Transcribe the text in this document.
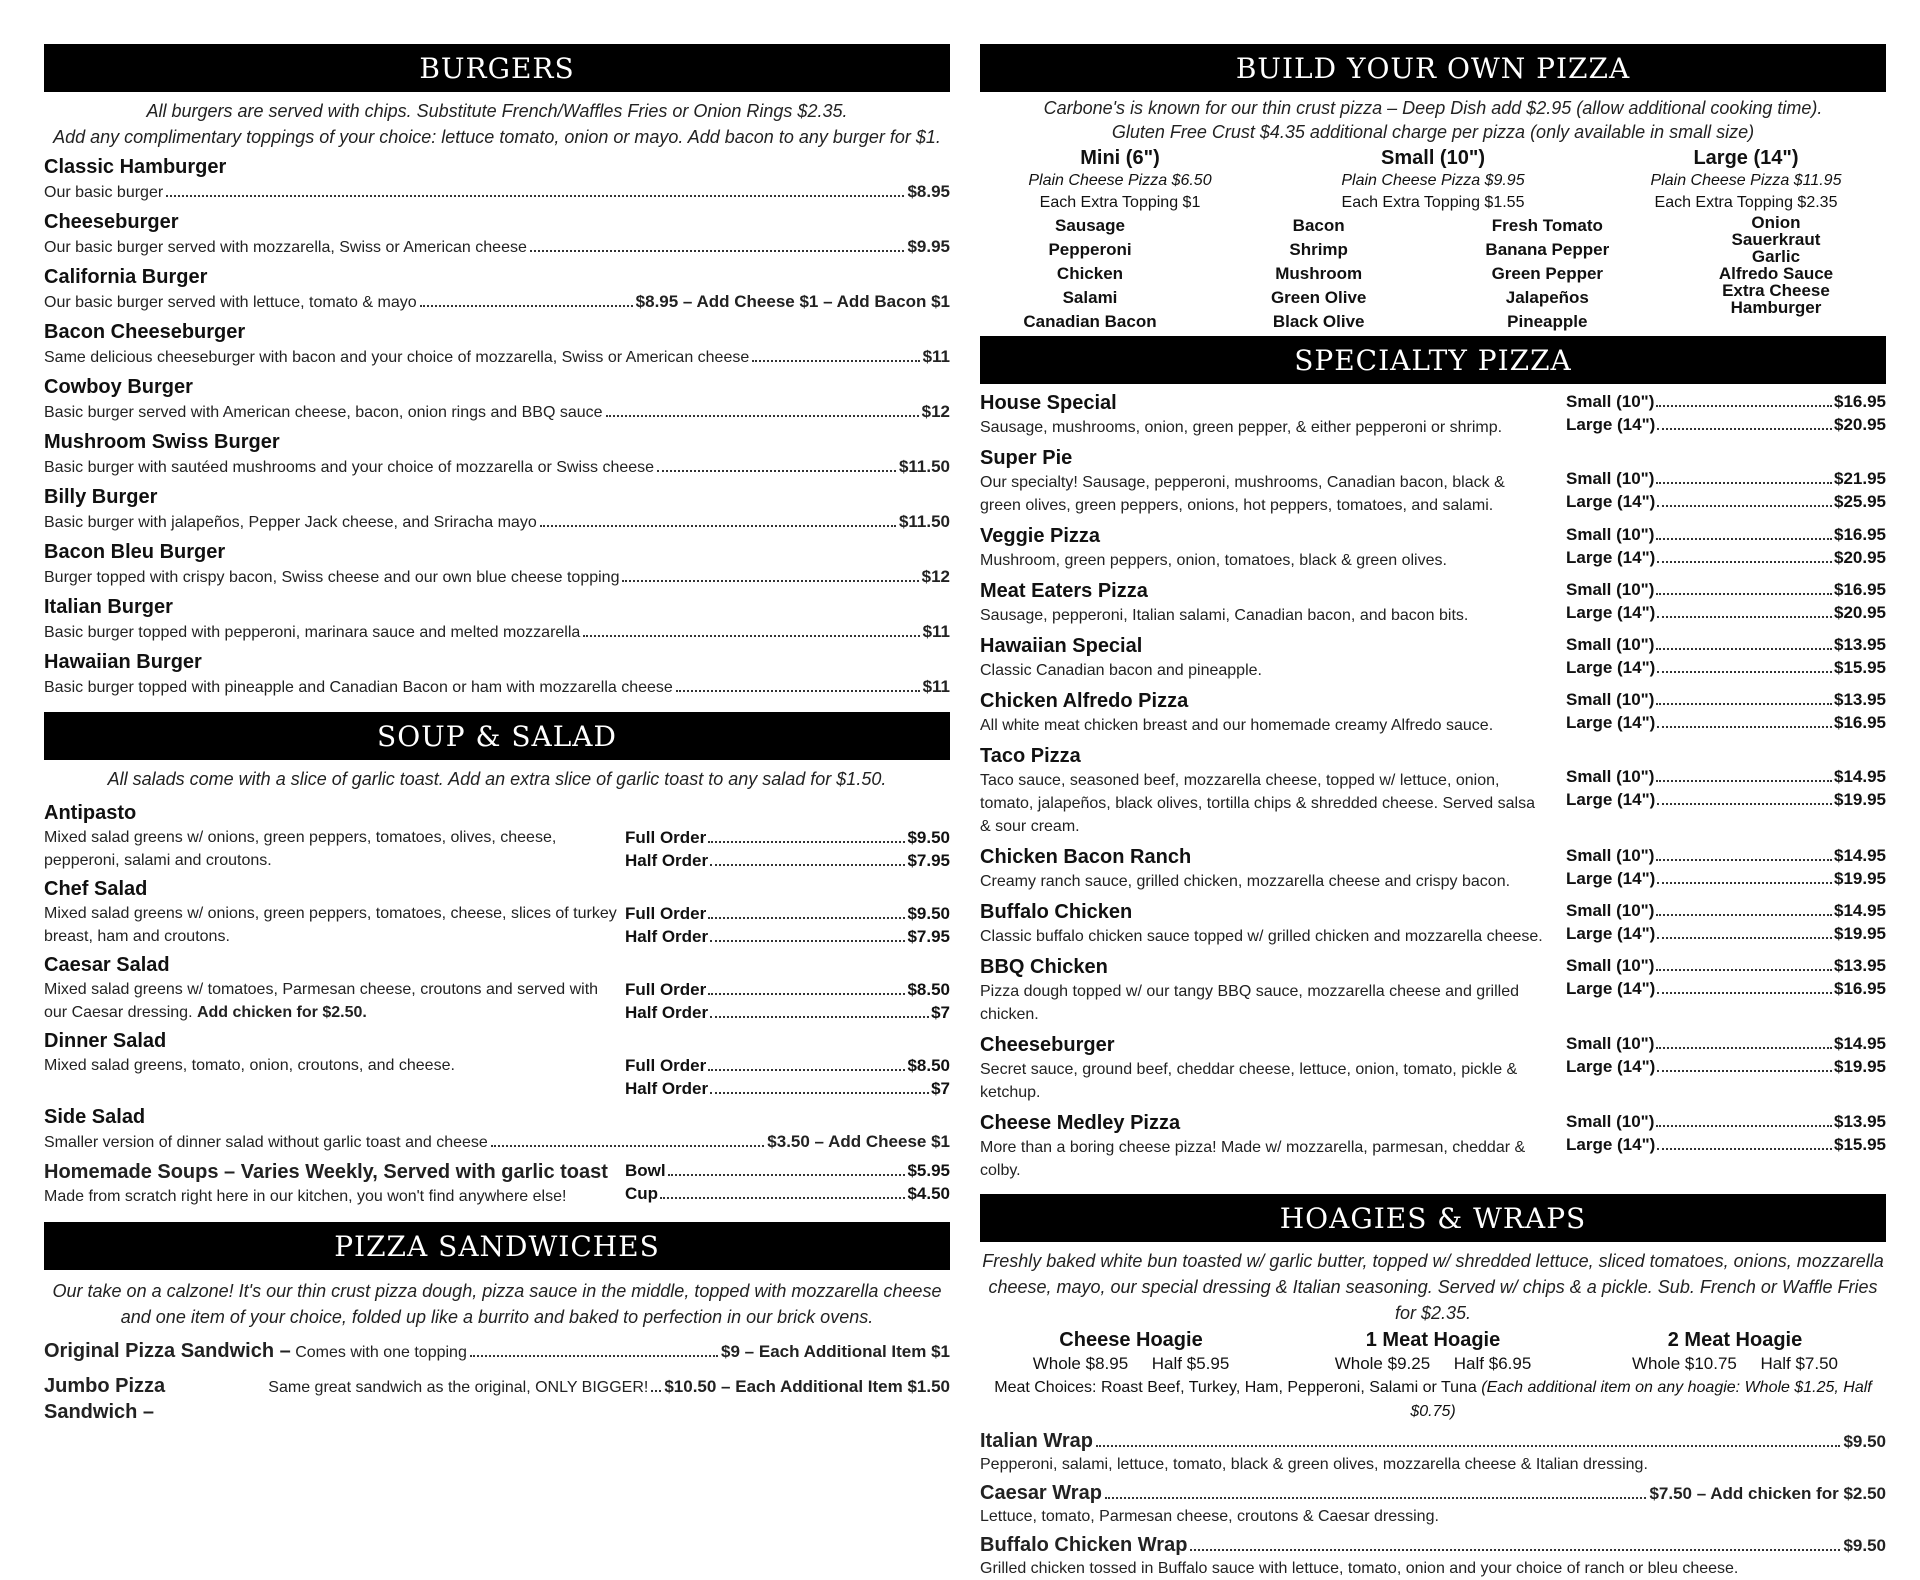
BURGERS
All burgers are served with chips. Substitute French/Waffles Fries or Onion Rings $2.35.
Add any complimentary toppings of your choice: lettuce tomato, onion or mayo. Add bacon to any burger for $1.
Classic Hamburger
Our basic burger	$8.95
Cheeseburger
Our basic burger served with mozzarella, Swiss or American cheese	$9.95
California Burger
Our basic burger served with lettuce, tomato & mayo	$8.95 – Add Cheese $1 – Add Bacon $1
Bacon Cheeseburger
Same delicious cheeseburger with bacon and your choice of mozzarella, Swiss or American cheese	$11
Cowboy Burger
Basic burger served with American cheese, bacon, onion rings and BBQ sauce	$12
Mushroom Swiss Burger
Basic burger with sautéed mushrooms and your choice of mozzarella or Swiss cheese	$11.50
Billy Burger
Basic burger with jalapeños, Pepper Jack cheese, and Sriracha mayo	$11.50
Bacon Bleu Burger
Burger topped with crispy bacon, Swiss cheese and our own blue cheese topping	$12
Italian Burger
Basic burger topped with pepperoni, marinara sauce and melted mozzarella	$11
Hawaiian Burger
Basic burger topped with pineapple and Canadian Bacon or ham with mozzarella cheese	$11
SOUP & SALAD
All salads come with a slice of garlic toast. Add an extra slice of garlic toast to any salad for $1.50.
Antipasto
Mixed salad greens w/ onions, green peppers, tomatoes, olives, cheese, pepperoni, salami and croutons.
Full Order	$9.50
Half Order	$7.95
Chef Salad
Mixed salad greens w/ onions, green peppers, tomatoes, cheese, slices of turkey breast, ham and croutons.
Full Order	$9.50
Half Order	$7.95
Caesar Salad
Mixed salad greens w/ tomatoes, Parmesan cheese, croutons and served with our Caesar dressing. Add chicken for $2.50.
Full Order	$8.50
Half Order	$7
Dinner Salad
Mixed salad greens, tomato, onion, croutons, and cheese.	Full Order	$8.50
Half Order	$7
Side Salad
Smaller version of dinner salad without garlic toast and cheese	$3.50 – Add Cheese $1
Homemade Soups – Varies Weekly, Served with garlic toast
Made from scratch right here in our kitchen, you won't find anywhere else!
Bowl	$5.95
Cup	$4.50
PIZZA SANDWICHES
Our take on a calzone! It's our thin crust pizza dough, pizza sauce in the middle, topped with mozzarella cheese
and one item of your choice, folded up like a burrito and baked to perfection in our brick ovens.
Original Pizza Sandwich –
Comes with one topping	$9 – Each Additional Item $1
Jumbo Pizza Sandwich –

Same great sandwich as the original, ONLY BIGGER! $10.50 – Each Additional Item $1.50
BUILD YOUR OWN PIZZA
Carbone's is known for our thin crust pizza – Deep Dish add $2.95 (allow additional cooking time).
Gluten Free Crust $4.35 additional charge per pizza (only available in small size)
Mini (6")
Plain Cheese Pizza $6.50
Each Extra Topping $1
Small (10")
Plain Cheese Pizza $9.95
Each Extra Topping $1.55
Large (14")
Plain Cheese Pizza $11.95
Each Extra Topping $2.35
Sausage
Pepperoni
Chicken
Salami
Canadian Bacon
Bacon
Shrimp
Mushroom
Green Olive
Black Olive
Fresh Tomato
Banana Pepper
Green Pepper
Jalapeños
Pineapple
Onion
Sauerkraut
Garlic
Alfredo Sauce
Extra Cheese
Hamburger
SPECIALTY PIZZA
House Special
Sausage, mushrooms, onion, green pepper, & either pepperoni or shrimp.
Small (10")	$16.95
Large (14")	$20.95
Super Pie
Our specialty! Sausage, pepperoni, mushrooms, Canadian bacon, black & green olives, green peppers, onions, hot peppers, tomatoes, and salami.
Small (10")	$21.95
Large (14")	$25.95
Veggie Pizza
Mushroom, green peppers, onion, tomatoes, black & green olives.
Small (10")	$16.95
Large (14")	$20.95
Meat Eaters Pizza
Sausage, pepperoni, Italian salami, Canadian bacon, and bacon bits.
Small (10")	$16.95
Large (14")	$20.95
Hawaiian Special
Classic Canadian bacon and pineapple.
Small (10")	$13.95
Large (14")	$15.95
Chicken Alfredo Pizza
All white meat chicken breast and our homemade creamy Alfredo sauce.
Small (10")	$13.95
Large (14")	$16.95
Taco Pizza
Taco sauce, seasoned beef, mozzarella cheese, topped w/ lettuce, onion, tomato, jalapeños, black olives, tortilla chips & shredded cheese. Served salsa & sour cream.
Small (10")	$14.95
Large (14")	$19.95
Chicken Bacon Ranch
Creamy ranch sauce, grilled chicken, mozzarella cheese and crispy bacon.
Small (10")	$14.95
Large (14")	$19.95
Buffalo Chicken
Classic buffalo chicken sauce topped w/ grilled chicken and mozzarella cheese.
Small (10")	$14.95
Large (14")	$19.95
BBQ Chicken
Pizza dough topped w/ our tangy BBQ sauce, mozzarella cheese and grilled chicken.
Small (10")	$13.95
Large (14")	$16.95
Cheeseburger
Secret sauce, ground beef, cheddar cheese, lettuce, onion, tomato, pickle & ketchup.
Small (10")	$14.95
Large (14")	$19.95
Cheese Medley Pizza
More than a boring cheese pizza! Made w/ mozzarella, parmesan, cheddar & colby.
Small (10")	$13.95
Large (14")	$15.95
HOAGIES & WRAPS
Freshly baked white bun toasted w/ garlic butter, topped w/ shredded lettuce, sliced tomatoes, onions, mozzarella
cheese, mayo, our special dressing & Italian seasoning. Served w/ chips & a pickle. Sub. French or Waffle Fries for $2.35.
Cheese Hoagie
Whole $8.95 Half $5.95
1 Meat Hoagie
Whole $9.25 Half $6.95
2 Meat Hoagie
Whole $10.75 Half $7.50
Meat Choices: Roast Beef, Turkey, Ham, Pepperoni, Salami or Tuna (Each additional item on any hoagie: Whole $1.25, Half $0.75)
Italian Wrap	$9.50
Pepperoni, salami, lettuce, tomato, black & green olives, mozzarella cheese & Italian dressing.
Caesar Wrap	$7.50 – Add chicken for $2.50
Lettuce, tomato, Parmesan cheese, croutons & Caesar dressing.
Buffalo Chicken Wrap	$9.50
Grilled chicken tossed in Buffalo sauce with lettuce, tomato, onion and your choice of ranch or bleu cheese.
